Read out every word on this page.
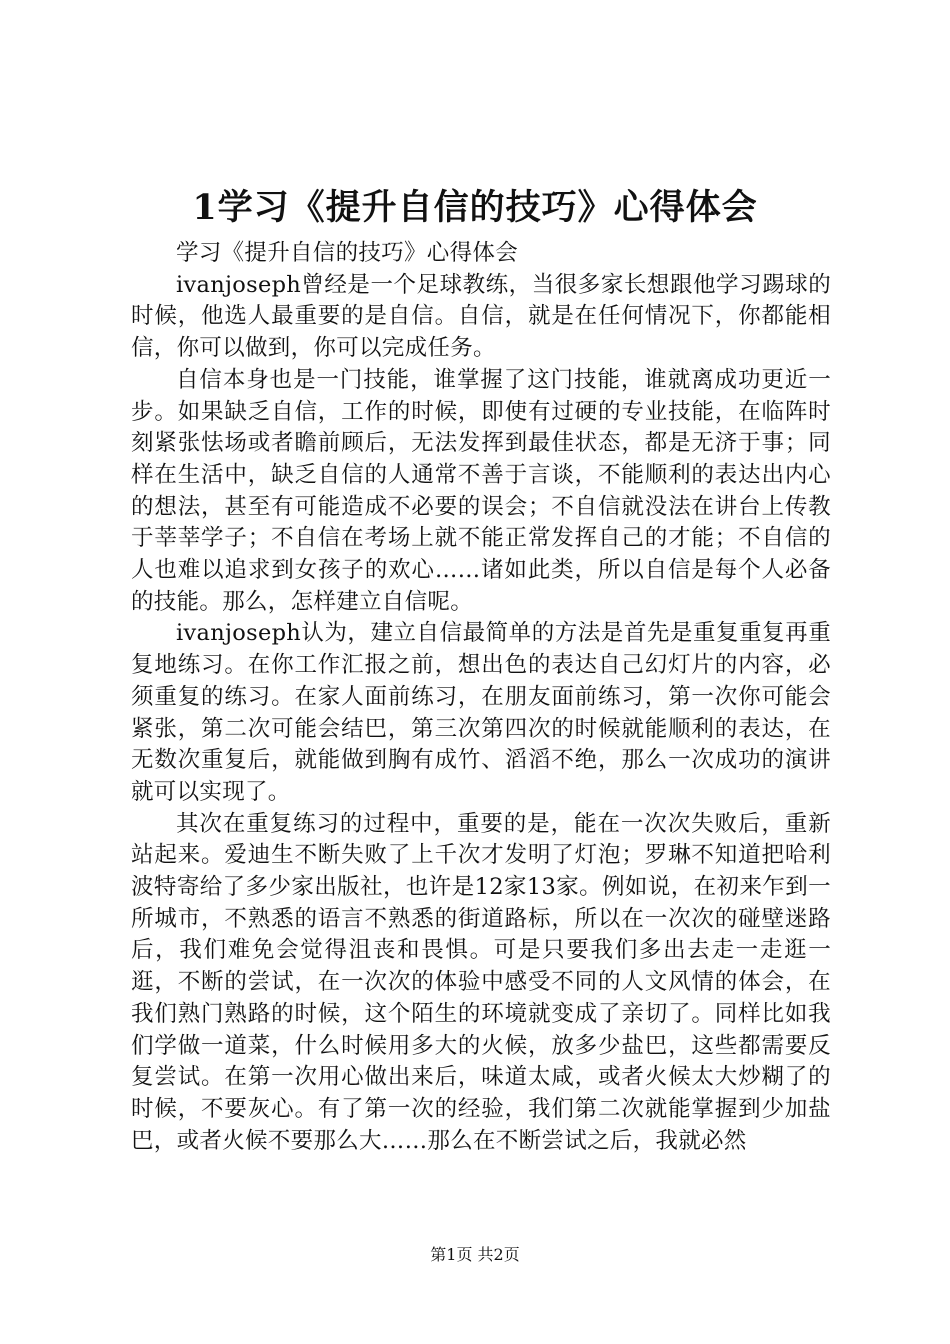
1学习《提升自信的技巧》心得体会

学习《提升自信的技巧》心得体会

ivanjoseph曾经是一个足球教练，当很多家长想跟他学习踢球的时候，他选人最重要的是自信。自信，就是在任何情况下，你都能相信，你可以做到，你可以完成任务。

自信本身也是一门技能，谁掌握了这门技能，谁就离成功更近一步。如果缺乏自信，工作的时候，即使有过硬的专业技能，在临阵时刻紧张怯场或者瞻前顾后，无法发挥到最佳状态，都是无济于事；同样在生活中，缺乏自信的人通常不善于言谈，不能顺利的表达出内心的想法，甚至有可能造成不必要的误会；不自信就没法在讲台上传教于莘莘学子；不自信在考场上就不能正常发挥自己的才能；不自信的人也难以追求到女孩子的欢心……诸如此类，所以自信是每个人必备的技能。那么，怎样建立自信呢。

ivanjoseph认为，建立自信最简单的方法是首先是重复重复再重复地练习。在你工作汇报之前，想出色的表达自己幻灯片的内容，必须重复的练习。在家人面前练习，在朋友面前练习，第一次你可能会紧张，第二次可能会结巴，第三次第四次的时候就能顺利的表达，在无数次重复后，就能做到胸有成竹、滔滔不绝，那么一次成功的演讲就可以实现了。

其次在重复练习的过程中，重要的是，能在一次次失败后，重新站起来。爱迪生不断失败了上千次才发明了灯泡；罗琳不知道把哈利波特寄给了多少家出版社，也许是12家13家。例如说，在初来乍到一所城市，不熟悉的语言不熟悉的街道路标，所以在一次次的碰壁迷路后，我们难免会觉得沮丧和畏惧。可是只要我们多出去走一走逛一逛，不断的尝试，在一次次的体验中感受不同的人文风情的体会，在我们熟门熟路的时候，这个陌生的环境就变成了亲切了。同样比如我们学做一道菜，什么时候用多大的火候，放多少盐巴，这些都需要反复尝试。在第一次用心做出来后，味道太咸，或者火候太大炒糊了的时候，不要灰心。有了第一次的经验，我们第二次就能掌握到少加盐巴，或者火候不要那么大……那么在不断尝试之后，我就必然

第1页 共2页
